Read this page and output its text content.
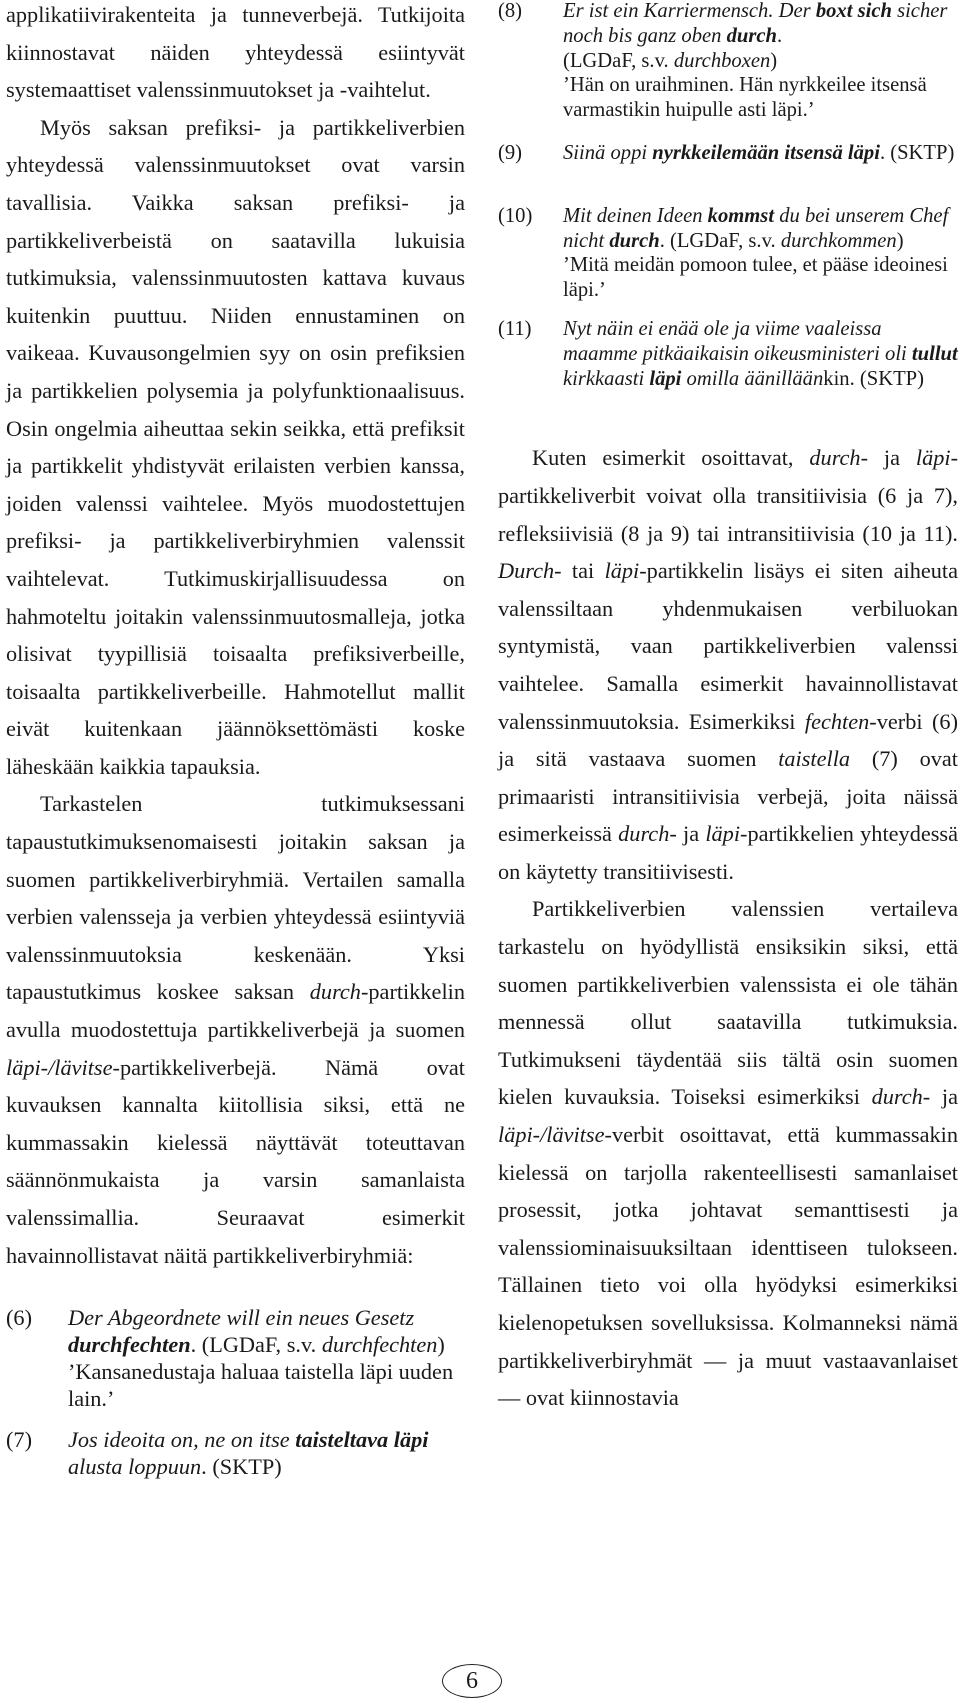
applikatiivirakenteita ja tunneverbejä. Tutkijoita kiinnostavat näiden yhteydessä esiintyvät systemaattiset valenssinmuutokset ja -vaihtelut.

Myös saksan prefiksi- ja partikkeliverbien yhteydessä valenssinmuutokset ovat varsin tavallisia. Vaikka saksan prefiksi- ja partikkeliverbeistä on saatavilla lukuisia tutkimuksia, valenssinmuutosten kattava kuvaus kuitenkin puuttuu. Niiden ennustaminen on vaikeaa. Kuvausongelmien syy on osin prefiksien ja partikkelien polysemia ja polyfunktionaalisuus. Osin ongelmia aiheuttaa sekin seikka, että prefiksit ja partikkelit yhdistyvät erilaisten verbien kanssa, joiden valenssi vaihtelee. Myös muodostettujen prefiksi- ja partikkeliverbiryhmien valenssit vaihtelevat. Tutkimuskirjallisuudessa on hahmoteltu joitakin valenssinmuutosmalleja, jotka olisivat tyypillisiä toisaalta prefiksiverbeille, toisaalta partikkeliverbeille. Hahmotellut mallit eivät kuitenkaan jäännöksettömästi koske läheskään kaikkia tapauksia.

Tarkastelen tutkimuksessani tapaustutkimuksenomaisesti joitakin saksan ja suomen partikkeliverbiryhmiä. Vertailen samalla verbien valensseja ja verbien yhteydessä esiintyviä valenssinmuutoksia keskenään. Yksi tapaustutkimus koskee saksan durch-partikkelin avulla muodostettuja partikkeliverbejä ja suomen läpi-/lävitse-partikkeliverbejä. Nämä ovat kuvauksen kannalta kiitollisia siksi, että ne kummassakin kielessä näyttävät toteuttavan säännönmukaista ja varsin samanlaista valenssimallia. Seuraavat esimerkit havainnollistavat näitä partikkeliverbiryhmiä:

(6)	Der Abgeordnete will ein neues Gesetz durchfechten. (LGDaF, s.v. durchfechten)
’Kansanedustaja haluaa taistella läpi uuden lain.’
(7)	Jos ideoita on, ne on itse taisteltava läpi alusta loppuun. (SKTP)
(8)	Er ist ein Karriermensch. Der boxt sich sicher noch bis ganz oben durch.
(LGDaF, s.v. durchboxen)
’Hän on uraihminen. Hän nyrkkeilee itsensä varmastikin huipulle asti läpi.’
(9)	Siinä oppi nyrkkeilemään itsensä läpi. (SKTP)
(10)	Mit deinen Ideen kommst du bei unserem Chef nicht durch. (LGDaF, s.v. durchkommen)
’Mitä meidän pomoon tulee, et pääse ideoinesi läpi.’
(11)	Nyt näin ei enää ole ja viime vaaleissa maamme pitkäaikaisin oikeusministeri oli tullut kirkkaasti läpi omilla äänilläänkin. (SKTP)

Kuten esimerkit osoittavat, durch- ja läpi-partikkeliverbit voivat olla transitiivisia (6 ja 7), refleksiivisiä (8 ja 9) tai intransitiivisia (10 ja 11). Durch- tai läpi-partikkelin lisäys ei siten aiheuta valenssiltaan yhdenmukaisen verbiluokan syntymistä, vaan partikkeliverbien valenssi vaihtelee. Samalla esimerkit havainnollistavat valenssinmuutoksia. Esimerkiksi fechten-verbi (6) ja sitä vastaava suomen taistella (7) ovat primaaristi intransitiivisia verbejä, joita näissä esimerkeissä durch- ja läpi-partikkelien yhteydessä on käytetty transitiivisesti.

Partikkeliverbien valenssien vertaileva tarkastelu on hyödyllistä ensiksikin siksi, että suomen partikkeliverbien valenssista ei ole tähän mennessä ollut saatavilla tutkimuksia. Tutkimukseni täydentää siis tältä osin suomen kielen kuvauksia. Toiseksi esimerkiksi durch- ja läpi-/lävitse-verbit osoittavat, että kummassakin kielessä on tarjolla rakenteellisesti samanlaiset prosessit, jotka johtavat semanttisesti ja valenssiominaisuuksiltaan identtiseen tulokseen. Tällainen tieto voi olla hyödyksi esimerkiksi kielenopetuksen sovelluksissa. Kolmanneksi nämä partikkeliverbiryhmät — ja muut vastaavanlaiset — ovat kiinnostavia

6
